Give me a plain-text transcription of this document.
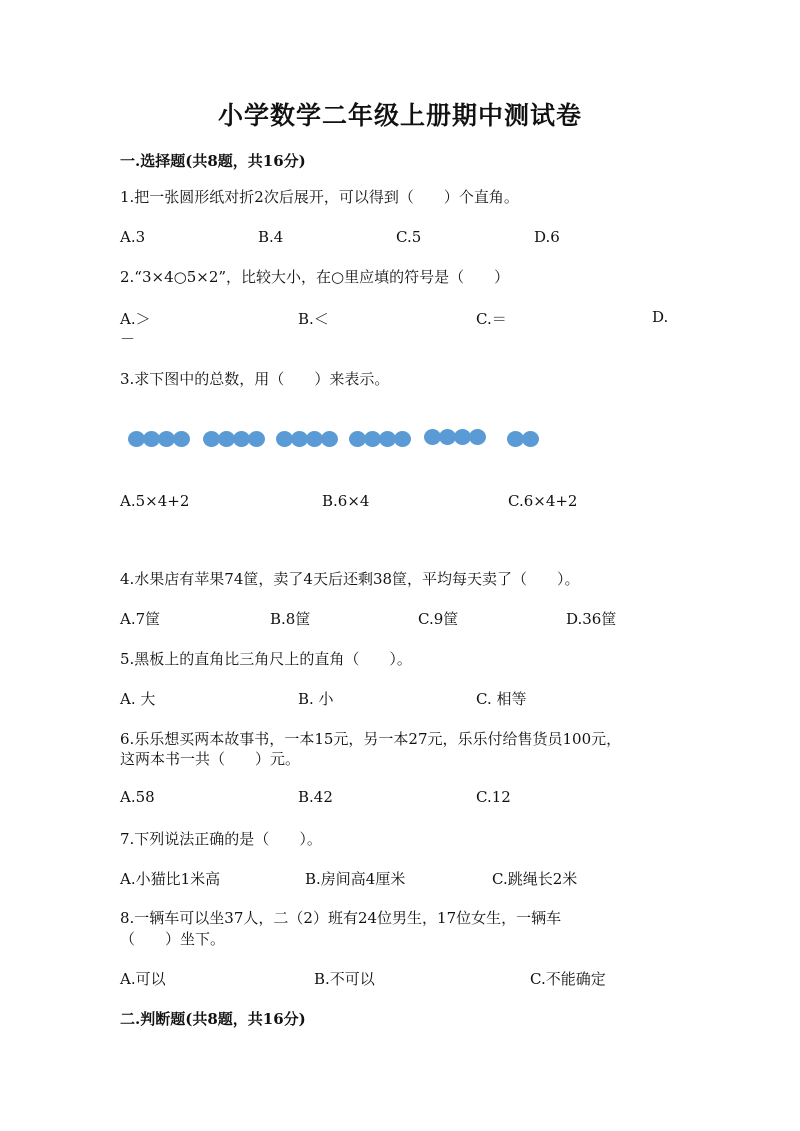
小学数学二年级上册期中测试卷
一.选择题(共8题，共16分)
1.把一张圆形纸对折2次后展开，可以得到（　　）个直角。
A.3	B.4	C.5	D.6
2.“3×4○5×2”，比较大小，在○里应填的符号是（　　）
A.＞	B.＜	C.＝	D.
－
3.求下图中的总数，用（　　）来表示。
A.5×4+2	B.6×4	C.6×4+2
4.水果店有苹果74筐，卖了4天后还剩38筐，平均每天卖了（　　）。
A.7筐	B.8筐	C.9筐	D.36筐
5.黑板上的直角比三角尺上的直角（　　）。
A. 大	B. 小	C. 相等
6.乐乐想买两本故事书，一本15元，另一本27元，乐乐付给售货员100元，
这两本书一共（　　）元。
A.58	B.42	C.12
7.下列说法正确的是（　　）。
A.小猫比1米高	B.房间高4厘米	C.跳绳长2米
8.一辆车可以坐37人，二（2）班有24位男生，17位女生，一辆车
（　　）坐下。
A.可以	B.不可以	C.不能确定
二.判断题(共8题，共16分)
